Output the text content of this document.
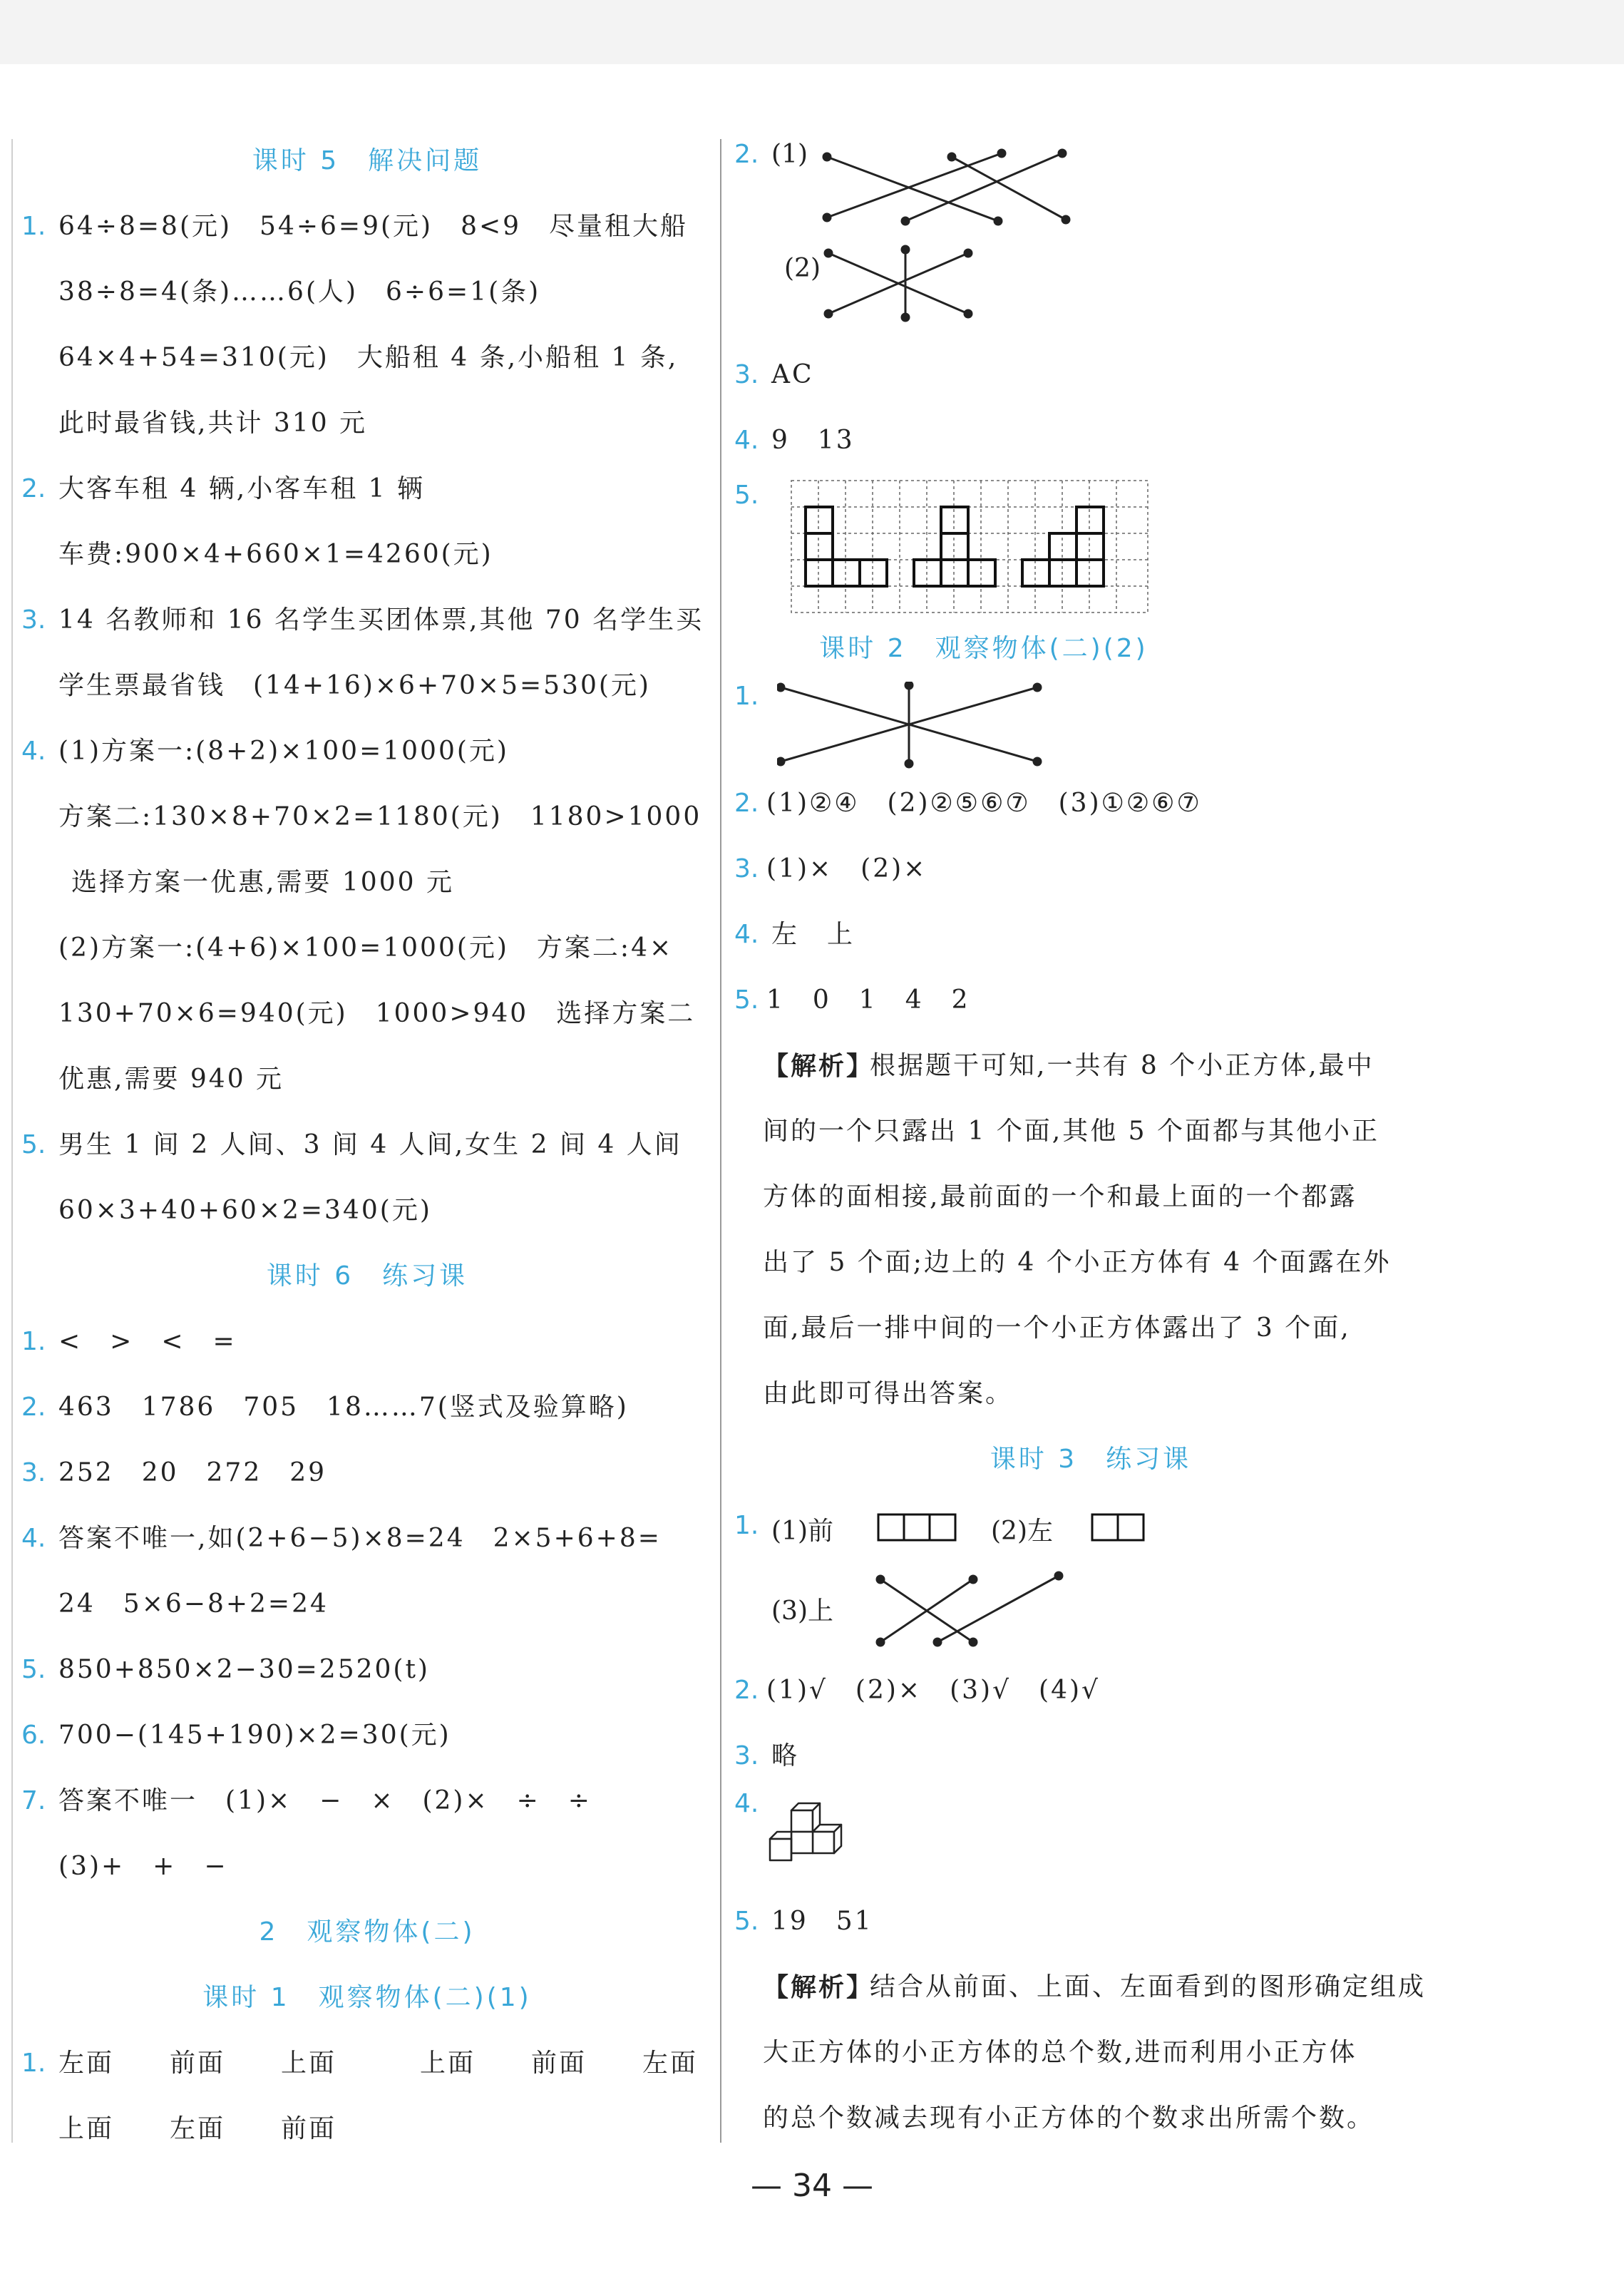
课时 5　解决问题
1. 64÷8=8(元)　54÷6=9(元)　8<9　尽量租大船
38÷8=4(条)……6(人)　6÷6=1(条)
64×4+54=310(元)　大船租 4 条,小船租 1 条,
此时最省钱,共计 310 元
2. 大客车租 4 辆,小客车租 1 辆
车费:900×4+660×1=4260(元)
3. 14 名教师和 16 名学生买团体票,其他 70 名学生买
学生票最省钱　(14+16)×6+70×5=530(元)
4. (1)方案一:(8+2)×100=1000(元)
方案二:130×8+70×2=1180(元)　1180>1000
选择方案一优惠,需要 1000 元
(2)方案一:(4+6)×100=1000(元)　方案二:4×
130+70×6=940(元)　1000>940　选择方案二
优惠,需要 940 元
5. 男生 1 间 2 人间、3 间 4 人间,女生 2 间 4 人间
60×3+40+60×2=340(元)
课时 6　练习课
1. <　>　<　=
2. 463　1786　705　18……7(竖式及验算略)
3. 252　20　272　29
4. 答案不唯一,如(2+6−5)×8=24　2×5+6+8=
24　5×6−8+2=24
5. 850+850×2−30=2520(t)
6. 700−(145+190)×2=30(元)
7. 答案不唯一　(1)×　−　×　(2)×　÷　÷
(3)+　+　−
2　观察物体(二)
课时 1　观察物体(二)(1)
1. 左面　　前面　　上面　　　上面　　前面　　左面
上面　　左面　　前面
2. (1)
(2)
3. AC
4. 9　13
5.
课时 2　观察物体(二)(2)
1.
2. (1)②④　(2)②⑤⑥⑦　(3)①②⑥⑦
3. (1)×　(2)×
4. 左　上
5. 1　0　1　4　2
【解析】
根据题干可知,一共有 8 个小正方体,最中
间的一个只露出 1 个面,其他 5 个面都与其他小正
方体的面相接,最前面的一个和最上面的一个都露
出了 5 个面;边上的 4 个小正方体有 4 个面露在外
面,最后一排中间的一个小正方体露出了 3 个面,
由此即可得出答案。
课时 3　练习课
1. (1)前	(2)左
(3)上
2. (1)√　(2)×　(3)√　(4)√
3. 略
4.
5. 19　51
【解析】
结合从前面、上面、左面看到的图形确定组成
大正方体的小正方体的总个数,进而利用小正方体
的总个数减去现有小正方体的个数求出所需个数。
— 34 —
